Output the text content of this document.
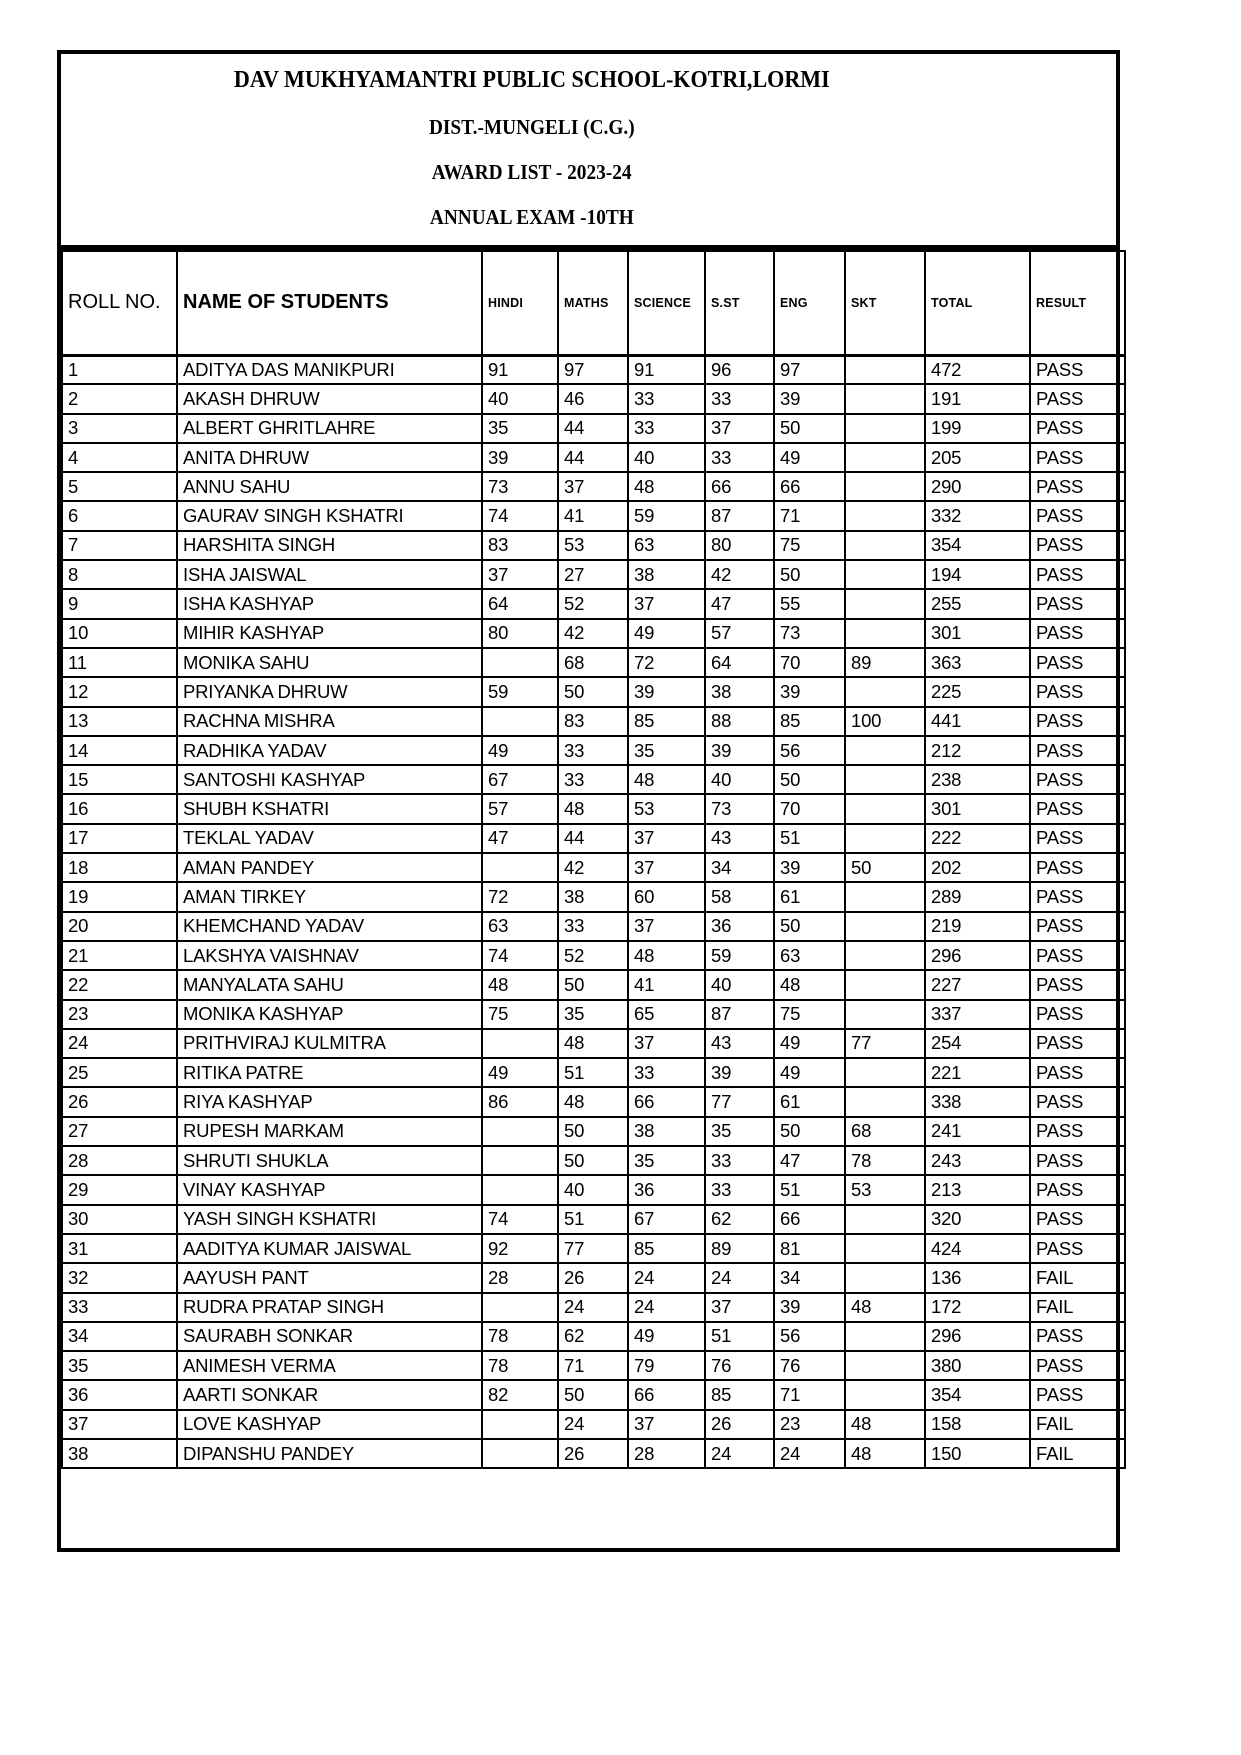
DAV MUKHYAMANTRI PUBLIC SCHOOL-KOTRI,LORMI
DIST.-MUNGELI (C.G.)
AWARD LIST - 2023-24
ANNUAL EXAM -10TH
ROLL NO.	NAME OF STUDENTS	HINDI	MATHS	SCIENCE	S.ST	ENG	SKT	TOTAL	RESULT
1	ADITYA DAS MANIKPURI	91	97	91	96	97		472	PASS
2	AKASH DHRUW	40	46	33	33	39		191	PASS
3	ALBERT GHRITLAHRE	35	44	33	37	50		199	PASS
4	ANITA DHRUW	39	44	40	33	49		205	PASS
5	ANNU SAHU	73	37	48	66	66		290	PASS
6	GAURAV SINGH KSHATRI	74	41	59	87	71		332	PASS
7	HARSHITA SINGH	83	53	63	80	75		354	PASS
8	ISHA JAISWAL	37	27	38	42	50		194	PASS
9	ISHA KASHYAP	64	52	37	47	55		255	PASS
10	MIHIR KASHYAP	80	42	49	57	73		301	PASS
11	MONIKA SAHU		68	72	64	70	89	363	PASS
12	PRIYANKA DHRUW	59	50	39	38	39		225	PASS
13	RACHNA MISHRA		83	85	88	85	100	441	PASS
14	RADHIKA YADAV	49	33	35	39	56		212	PASS
15	SANTOSHI KASHYAP	67	33	48	40	50		238	PASS
16	SHUBH KSHATRI	57	48	53	73	70		301	PASS
17	TEKLAL YADAV	47	44	37	43	51		222	PASS
18	AMAN PANDEY		42	37	34	39	50	202	PASS
19	AMAN TIRKEY	72	38	60	58	61		289	PASS
20	KHEMCHAND YADAV	63	33	37	36	50		219	PASS
21	LAKSHYA VAISHNAV	74	52	48	59	63		296	PASS
22	MANYALATA SAHU	48	50	41	40	48		227	PASS
23	MONIKA KASHYAP	75	35	65	87	75		337	PASS
24	PRITHVIRAJ KULMITRA		48	37	43	49	77	254	PASS
25	RITIKA PATRE	49	51	33	39	49		221	PASS
26	RIYA KASHYAP	86	48	66	77	61		338	PASS
27	RUPESH MARKAM		50	38	35	50	68	241	PASS
28	SHRUTI SHUKLA		50	35	33	47	78	243	PASS
29	VINAY KASHYAP		40	36	33	51	53	213	PASS
30	YASH SINGH KSHATRI	74	51	67	62	66		320	PASS
31	AADITYA KUMAR JAISWAL	92	77	85	89	81		424	PASS
32	AAYUSH PANT	28	26	24	24	34		136	FAIL
33	RUDRA PRATAP SINGH		24	24	37	39	48	172	FAIL
34	SAURABH SONKAR	78	62	49	51	56		296	PASS
35	ANIMESH VERMA	78	71	79	76	76		380	PASS
36	AARTI SONKAR	82	50	66	85	71		354	PASS
37	LOVE KASHYAP		24	37	26	23	48	158	FAIL
38	DIPANSHU PANDEY		26	28	24	24	48	150	FAIL
